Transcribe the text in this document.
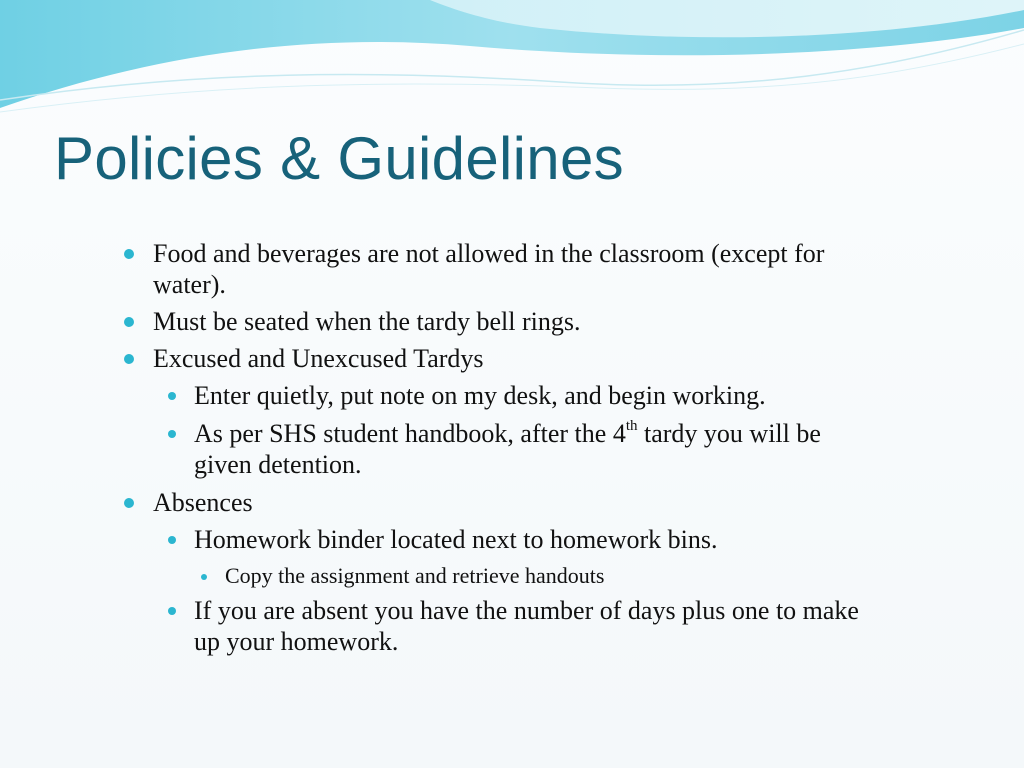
Policies & Guidelines

Food and beverages are not allowed in the classroom (except for water).

Must be seated when the tardy bell rings.

Excused and Unexcused Tardys

Enter quietly, put note on my desk, and begin working.

As per SHS student handbook, after the 4th tardy you will be given detention.

Absences

Homework binder located next to homework bins.

Copy the assignment and retrieve handouts

If you are absent you have the number of days plus one to make up your homework.
